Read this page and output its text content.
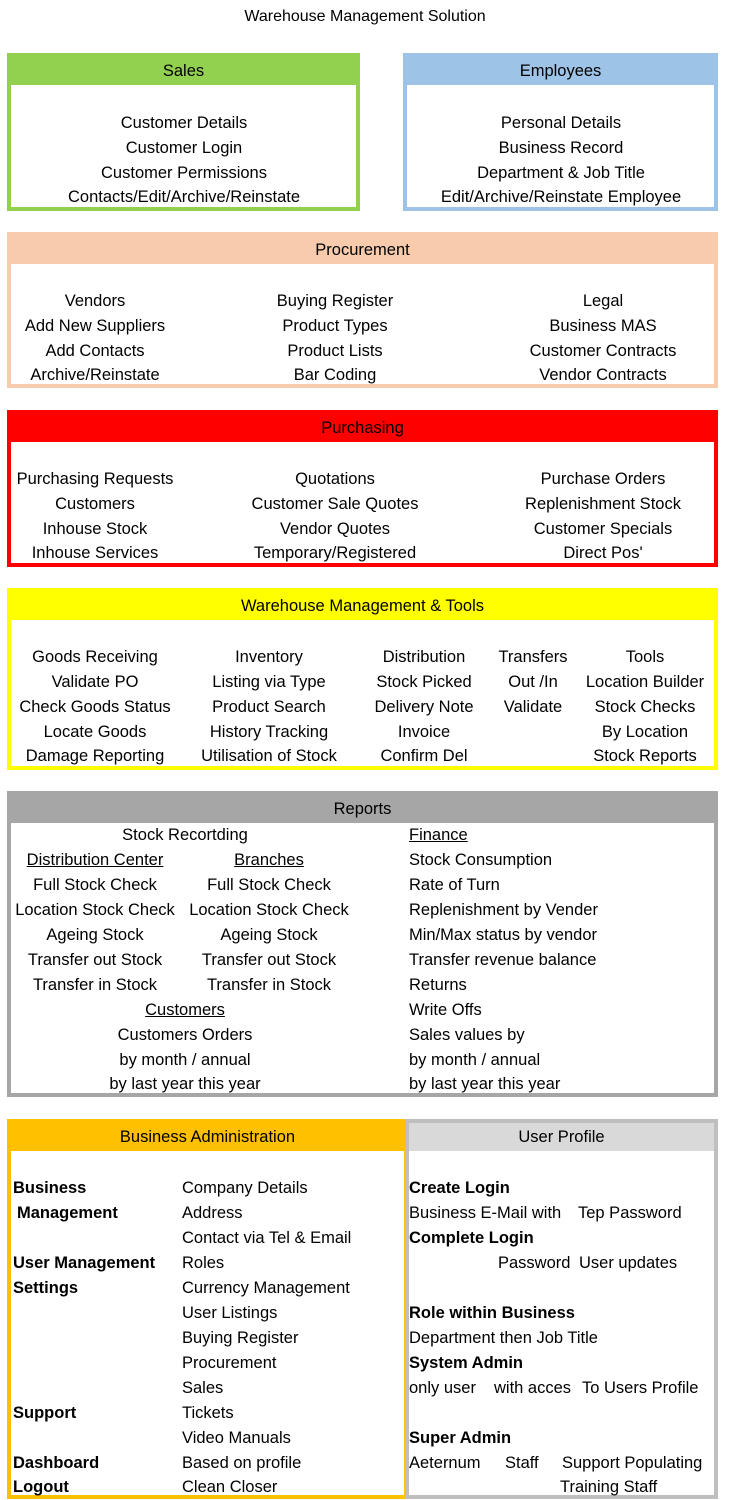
Warehouse Management Solution
Sales
Customer Details
Customer Login
Customer Permissions
Contacts/Edit/Archive/Reinstate
Employees
Personal Details
Business Record
Department & Job Title
Edit/Archive/Reinstate Employee
Procurement
Vendors
Add New Suppliers
Add Contacts
Archive/Reinstate
Buying Register
Product Types
Product Lists
Bar Coding
Legal
Business MAS
Customer Contracts
Vendor Contracts
Purchasing
Purchasing Requests
Customers
Inhouse Stock
Inhouse Services
Quotations
Customer Sale Quotes
Vendor Quotes
Temporary/Registered
Purchase Orders
Replenishment Stock
Customer Specials
Direct Pos'
Warehouse Management & Tools
Goods Receiving
Validate PO
Check Goods Status
Locate Goods
Damage Reporting
Inventory
Listing via Type
Product Search
History Tracking
Utilisation of Stock
Distribution
Stock Picked
Delivery Note
Invoice
Confirm Del
Transfers
Out /In
Validate
Tools
Location Builder
Stock Checks
By Location
Stock Reports
Reports
Stock Recortding
Distribution Center	Branches
Full Stock Check
Location Stock Check
Ageing Stock
Transfer out Stock
Transfer in Stock
Full Stock Check
Location Stock Check
Ageing Stock
Transfer out Stock
Transfer in Stock
Customers
Customers Orders
by month / annual
by last year this year
Finance
Stock Consumption
Rate of Turn
Replenishment by Vender
Min/Max status by vendor
Transfer revenue balance
Returns
Write Offs
Sales values by
by month / annual
by last year this year
Business Administration
Business
Management
User Management
Settings
Support
Dashboard
Logout
Company Details
Address
Contact via Tel & Email
Roles
Currency Management
User Listings
Buying Register
Procurement
Sales
Tickets
Video Manuals
Based on profile
Clean Closer
User Profile
Create Login
Business E-Mail with Tep Password
Complete Login
Password User updates
Role within Business
Department then Job Title
System Admin
only user with acces To Users Profile
Super Admin
Aeternum Staff Support Populating
Training Staff
